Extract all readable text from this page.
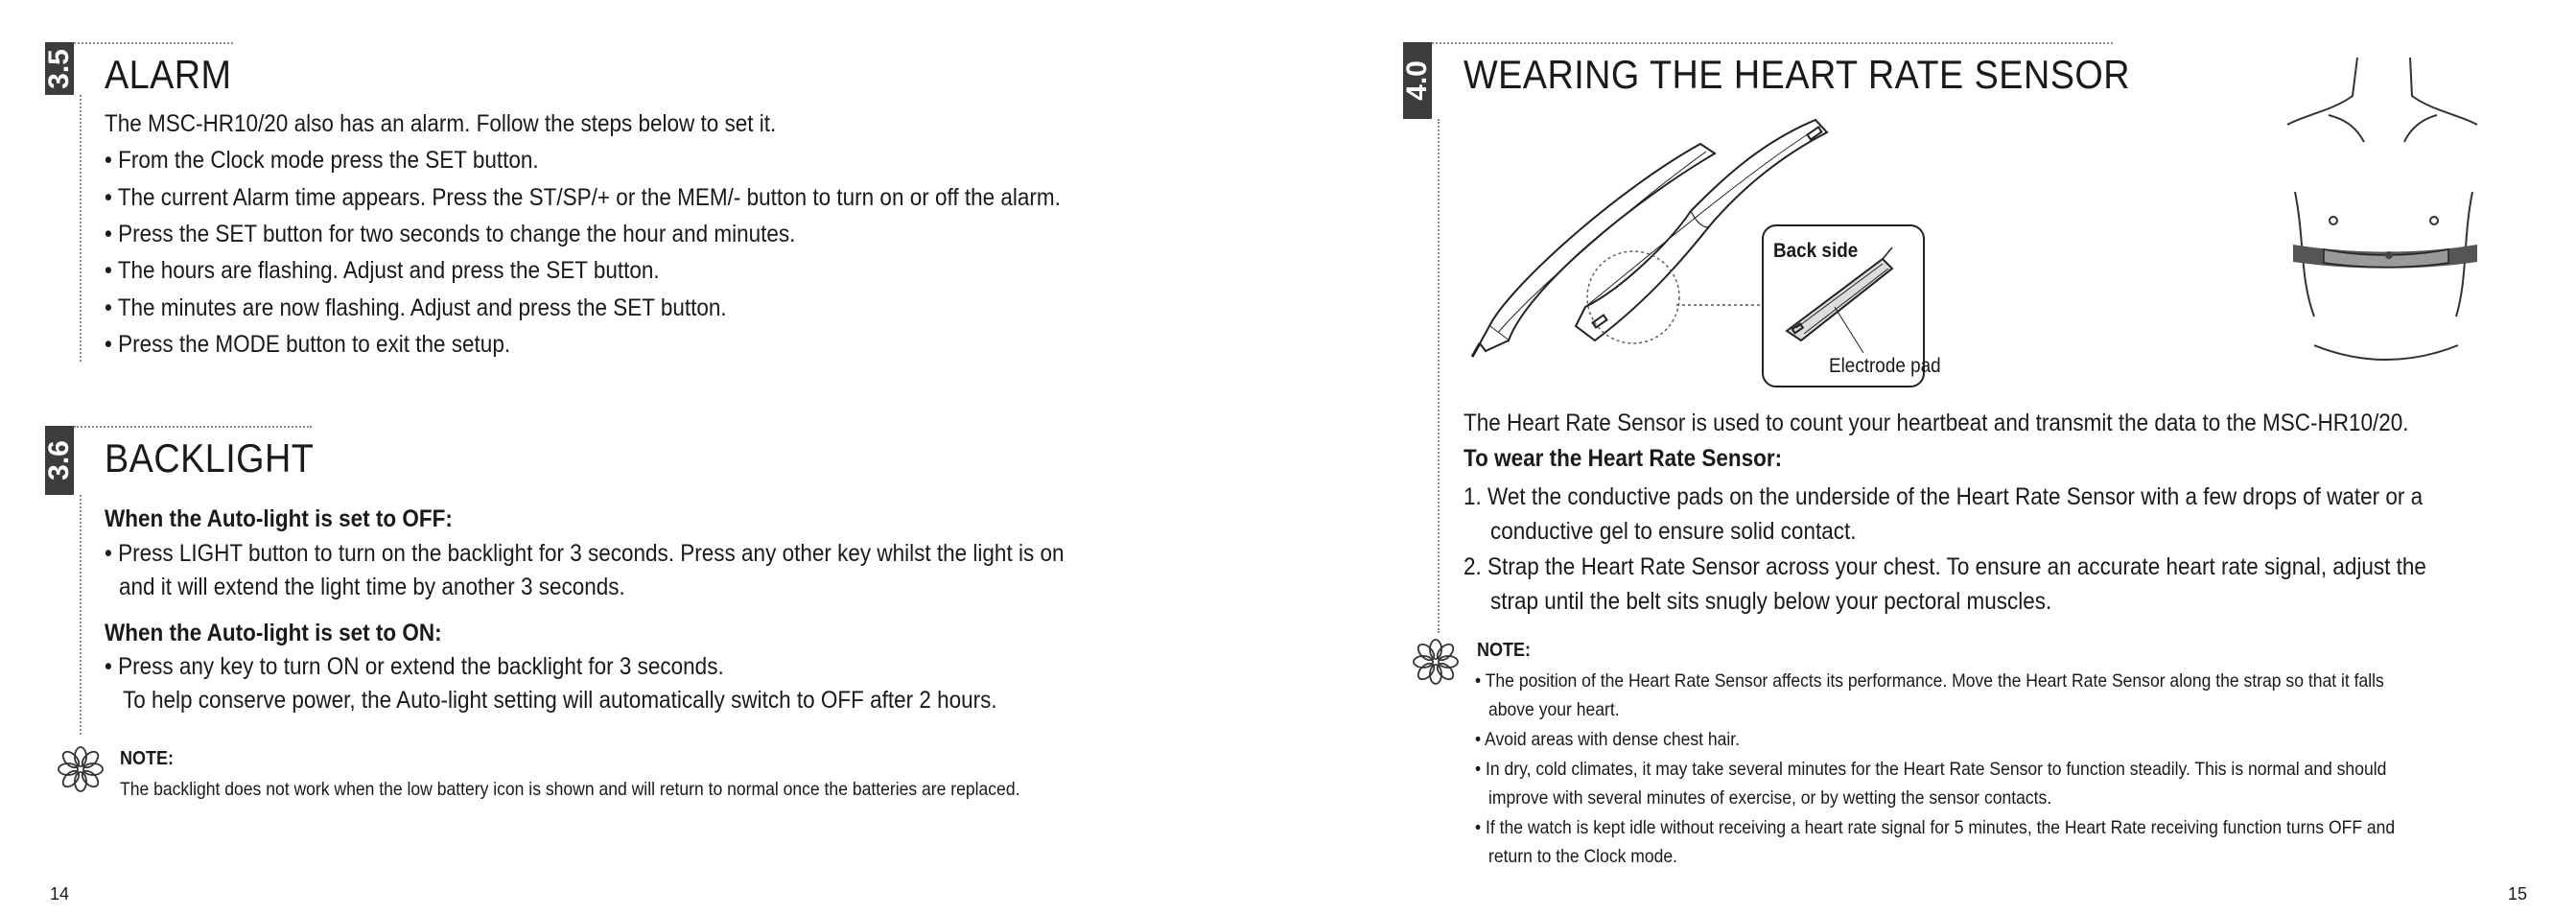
3.5 ALARM
The MSC-HR10/20 also has an alarm. Follow the steps below to set it.
• From the Clock mode press the SET button.
• The current Alarm time appears. Press the ST/SP/+ or the MEM/- button to turn on or off the alarm.
• Press the SET button for two seconds to change the hour and minutes.
• The hours are flashing. Adjust and press the SET button.
• The minutes are now flashing. Adjust and press the SET button.
• Press the MODE button to exit the setup.
3.6 BACKLIGHT
When the Auto-light is set to OFF:
• Press LIGHT button to turn on the backlight for 3 seconds. Press any other key whilst the light is on
and it will extend the light time by another 3 seconds.
When the Auto-light is set to ON:
• Press any key to turn ON or extend the backlight for 3 seconds.
To help conserve power, the Auto-light setting will automatically switch to OFF after 2 hours.
NOTE:
The backlight does not work when the low battery icon is shown and will return to normal once the batteries are replaced.
14
4.0 WEARING THE HEART RATE SENSOR
Back side
Electrode pad
The Heart Rate Sensor is used to count your heartbeat and transmit the data to the MSC-HR10/20.
To wear the Heart Rate Sensor:
1. Wet the conductive pads on the underside of the Heart Rate Sensor with a few drops of water or a
conductive gel to ensure solid contact.
2. Strap the Heart Rate Sensor across your chest. To ensure an accurate heart rate signal, adjust the
strap until the belt sits snugly below your pectoral muscles.
NOTE:
• The position of the Heart Rate Sensor affects its performance. Move the Heart Rate Sensor along the strap so that it falls
above your heart.
• Avoid areas with dense chest hair.
• In dry, cold climates, it may take several minutes for the Heart Rate Sensor to function steadily. This is normal and should
improve with several minutes of exercise, or by wetting the sensor contacts.
• If the watch is kept idle without receiving a heart rate signal for 5 minutes, the Heart Rate receiving function turns OFF and
return to the Clock mode.
15
